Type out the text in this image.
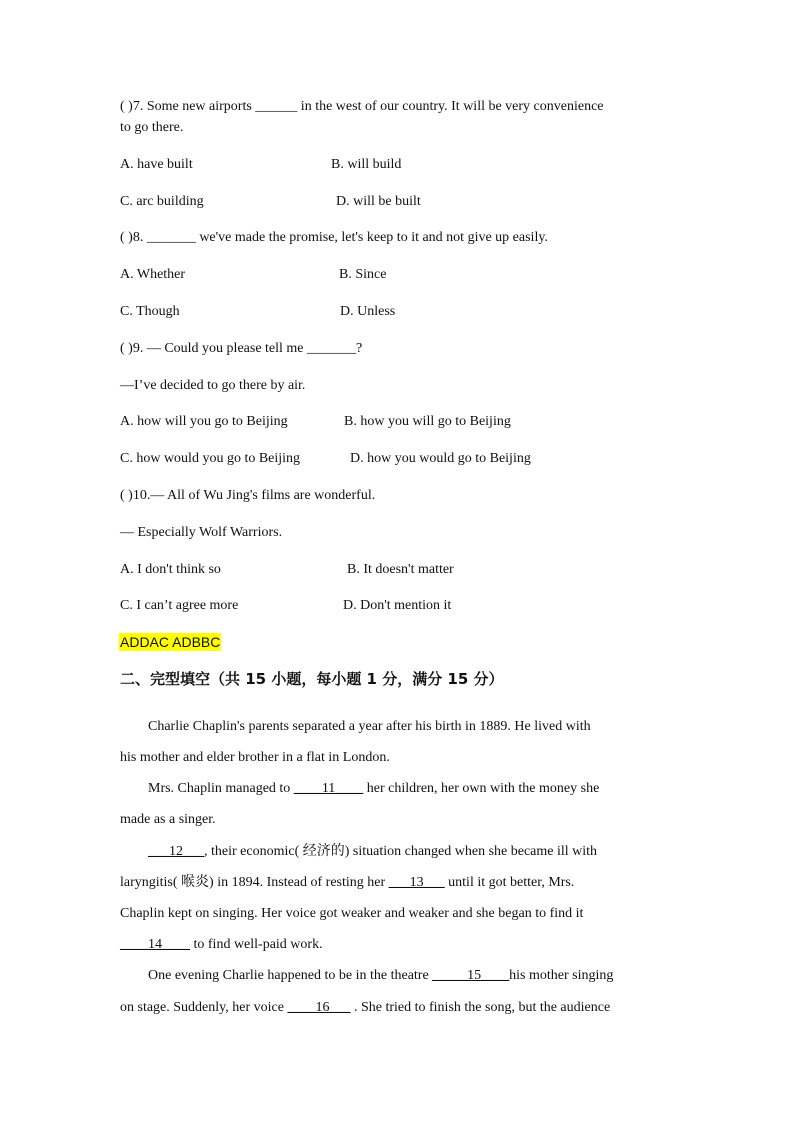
( )7. Some new airports ______ in the west of our country. It will be very convenience
to go there.
A. have built	B. will build
C. arc building	D. will be built
( )8. _______ we've made the promise, let's keep to it and not give up easily.
A. Whether	B. Since
C. Though	D. Unless
( )9. — Could you please tell me _______?
—I’ve decided to go there by air.
A. how will you go to Beijing	B. how you will go to Beijing
C. how would you go to Beijing	D. how you would go to Beijing
( )10.— All of Wu Jing's films are wonderful.
— Especially Wolf Warriors.
A. I don't think so	B. It doesn't matter
C. I can’t agree more	D. Don't mention it
ADDAC ADBBC
二、完型填空（共 15 小题，每小题 1 分，满分 15 分）
Charlie Chaplin's parents separated a year after his birth in 1889. He lived with
his mother and elder brother in a flat in London.
Mrs. Chaplin managed to ____11____ her children, her own with the money she
made as a singer.
___12___, their economic( 经济的) situation changed when she became ill with
laryngitis( 喉炎) in 1894. Instead of resting her ___13___ until it got better, Mrs.
Chaplin kept on singing. Her voice got weaker and weaker and she began to find it
____14____ to find well-paid work.
One evening Charlie happened to be in the theatre _____15____his mother singing
on stage. Suddenly, her voice ____16___ . She tried to finish the song, but the audience
